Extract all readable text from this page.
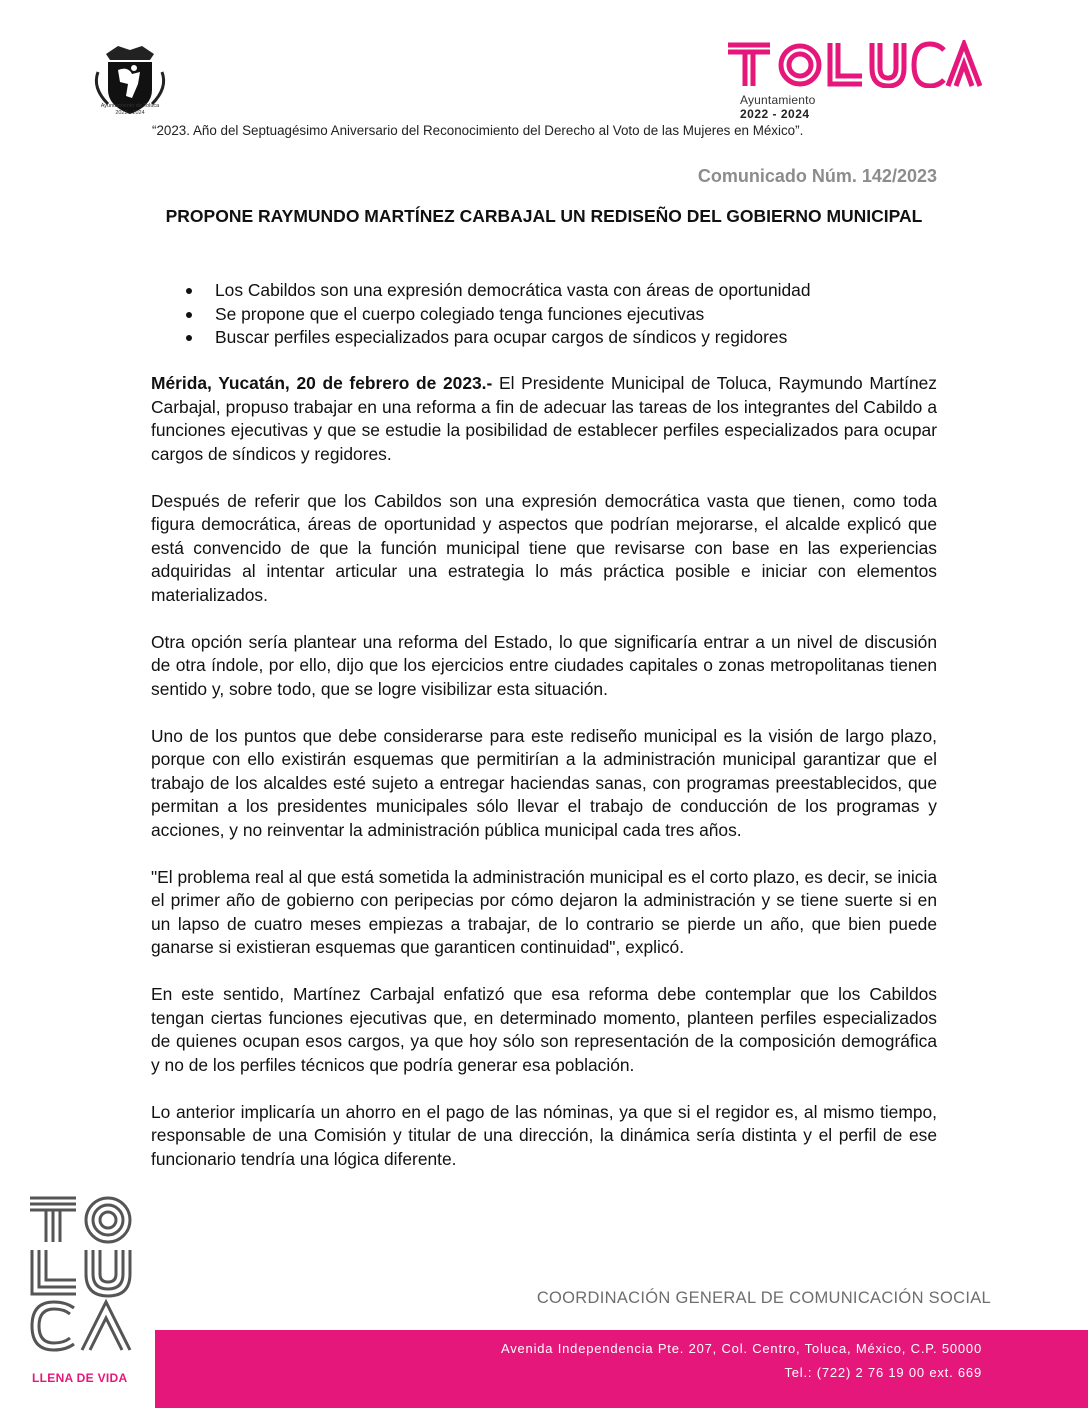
Ayuntamiento de Toluca
2022 - 2024
Ayuntamiento
2022 - 2024
“2023. Año del Septuagésimo Aniversario del Reconocimiento del Derecho al Voto de las Mujeres en México”.
Comunicado Núm. 142/2023
PROPONE RAYMUNDO MARTÍNEZ CARBAJAL UN REDISEÑO DEL GOBIERNO MUNICIPAL
Los Cabildos son una expresión democrática vasta con áreas de oportunidad
Se propone que el cuerpo colegiado tenga funciones ejecutivas
Buscar perfiles especializados para ocupar cargos de síndicos y regidores

Mérida, Yucatán, 20 de febrero de 2023.- El Presidente Municipal de Toluca, Raymundo Martínez Carbajal, propuso trabajar en una reforma a fin de adecuar las tareas de los integrantes del Cabildo a funciones ejecutivas y que se estudie la posibilidad de establecer perfiles especializados para ocupar cargos de síndicos y regidores.

Después de referir que los Cabildos son una expresión democrática vasta que tienen, como toda figura democrática, áreas de oportunidad y aspectos que podrían mejorarse, el alcalde explicó que está convencido de que la función municipal tiene que revisarse con base en las experiencias adquiridas al intentar articular una estrategia lo más práctica posible e iniciar con elementos materializados.

Otra opción sería plantear una reforma del Estado, lo que significaría entrar a un nivel de discusión de otra índole, por ello, dijo que los ejercicios entre ciudades capitales o zonas metropolitanas tienen sentido y, sobre todo, que se logre visibilizar esta situación.

Uno de los puntos que debe considerarse para este rediseño municipal es la visión de largo plazo, porque con ello existirán esquemas que permitirían a la administración municipal garantizar que el trabajo de los alcaldes esté sujeto a entregar haciendas sanas, con programas preestablecidos, que permitan a los presidentes municipales sólo llevar el trabajo de conducción de los programas y acciones, y no reinventar la administración pública municipal cada tres años.

"El problema real al que está sometida la administración municipal es el corto plazo, es decir, se inicia el primer año de gobierno con peripecias por cómo dejaron la administración y se tiene suerte si en un lapso de cuatro meses empiezas a trabajar, de lo contrario se pierde un año, que bien puede ganarse si existieran esquemas que garanticen continuidad", explicó.

En este sentido, Martínez Carbajal enfatizó que esa reforma debe contemplar que los Cabildos tengan ciertas funciones ejecutivas que, en determinado momento, planteen perfiles especializados de quienes ocupan esos cargos, ya que hoy sólo son representación de la composición demográfica y no de los perfiles técnicos que podría generar esa población.

Lo anterior implicaría un ahorro en el pago de las nóminas, ya que si el regidor es, al mismo tiempo, responsable de una Comisión y titular de una dirección, la dinámica sería distinta y el perfil de ese funcionario tendría una lógica diferente.

LLENA DE VIDA
COORDINACIÓN GENERAL DE COMUNICACIÓN SOCIAL
Avenida Independencia Pte. 207, Col. Centro, Toluca, México, C.P. 50000
Tel.: (722) 2 76 19 00 ext. 669
